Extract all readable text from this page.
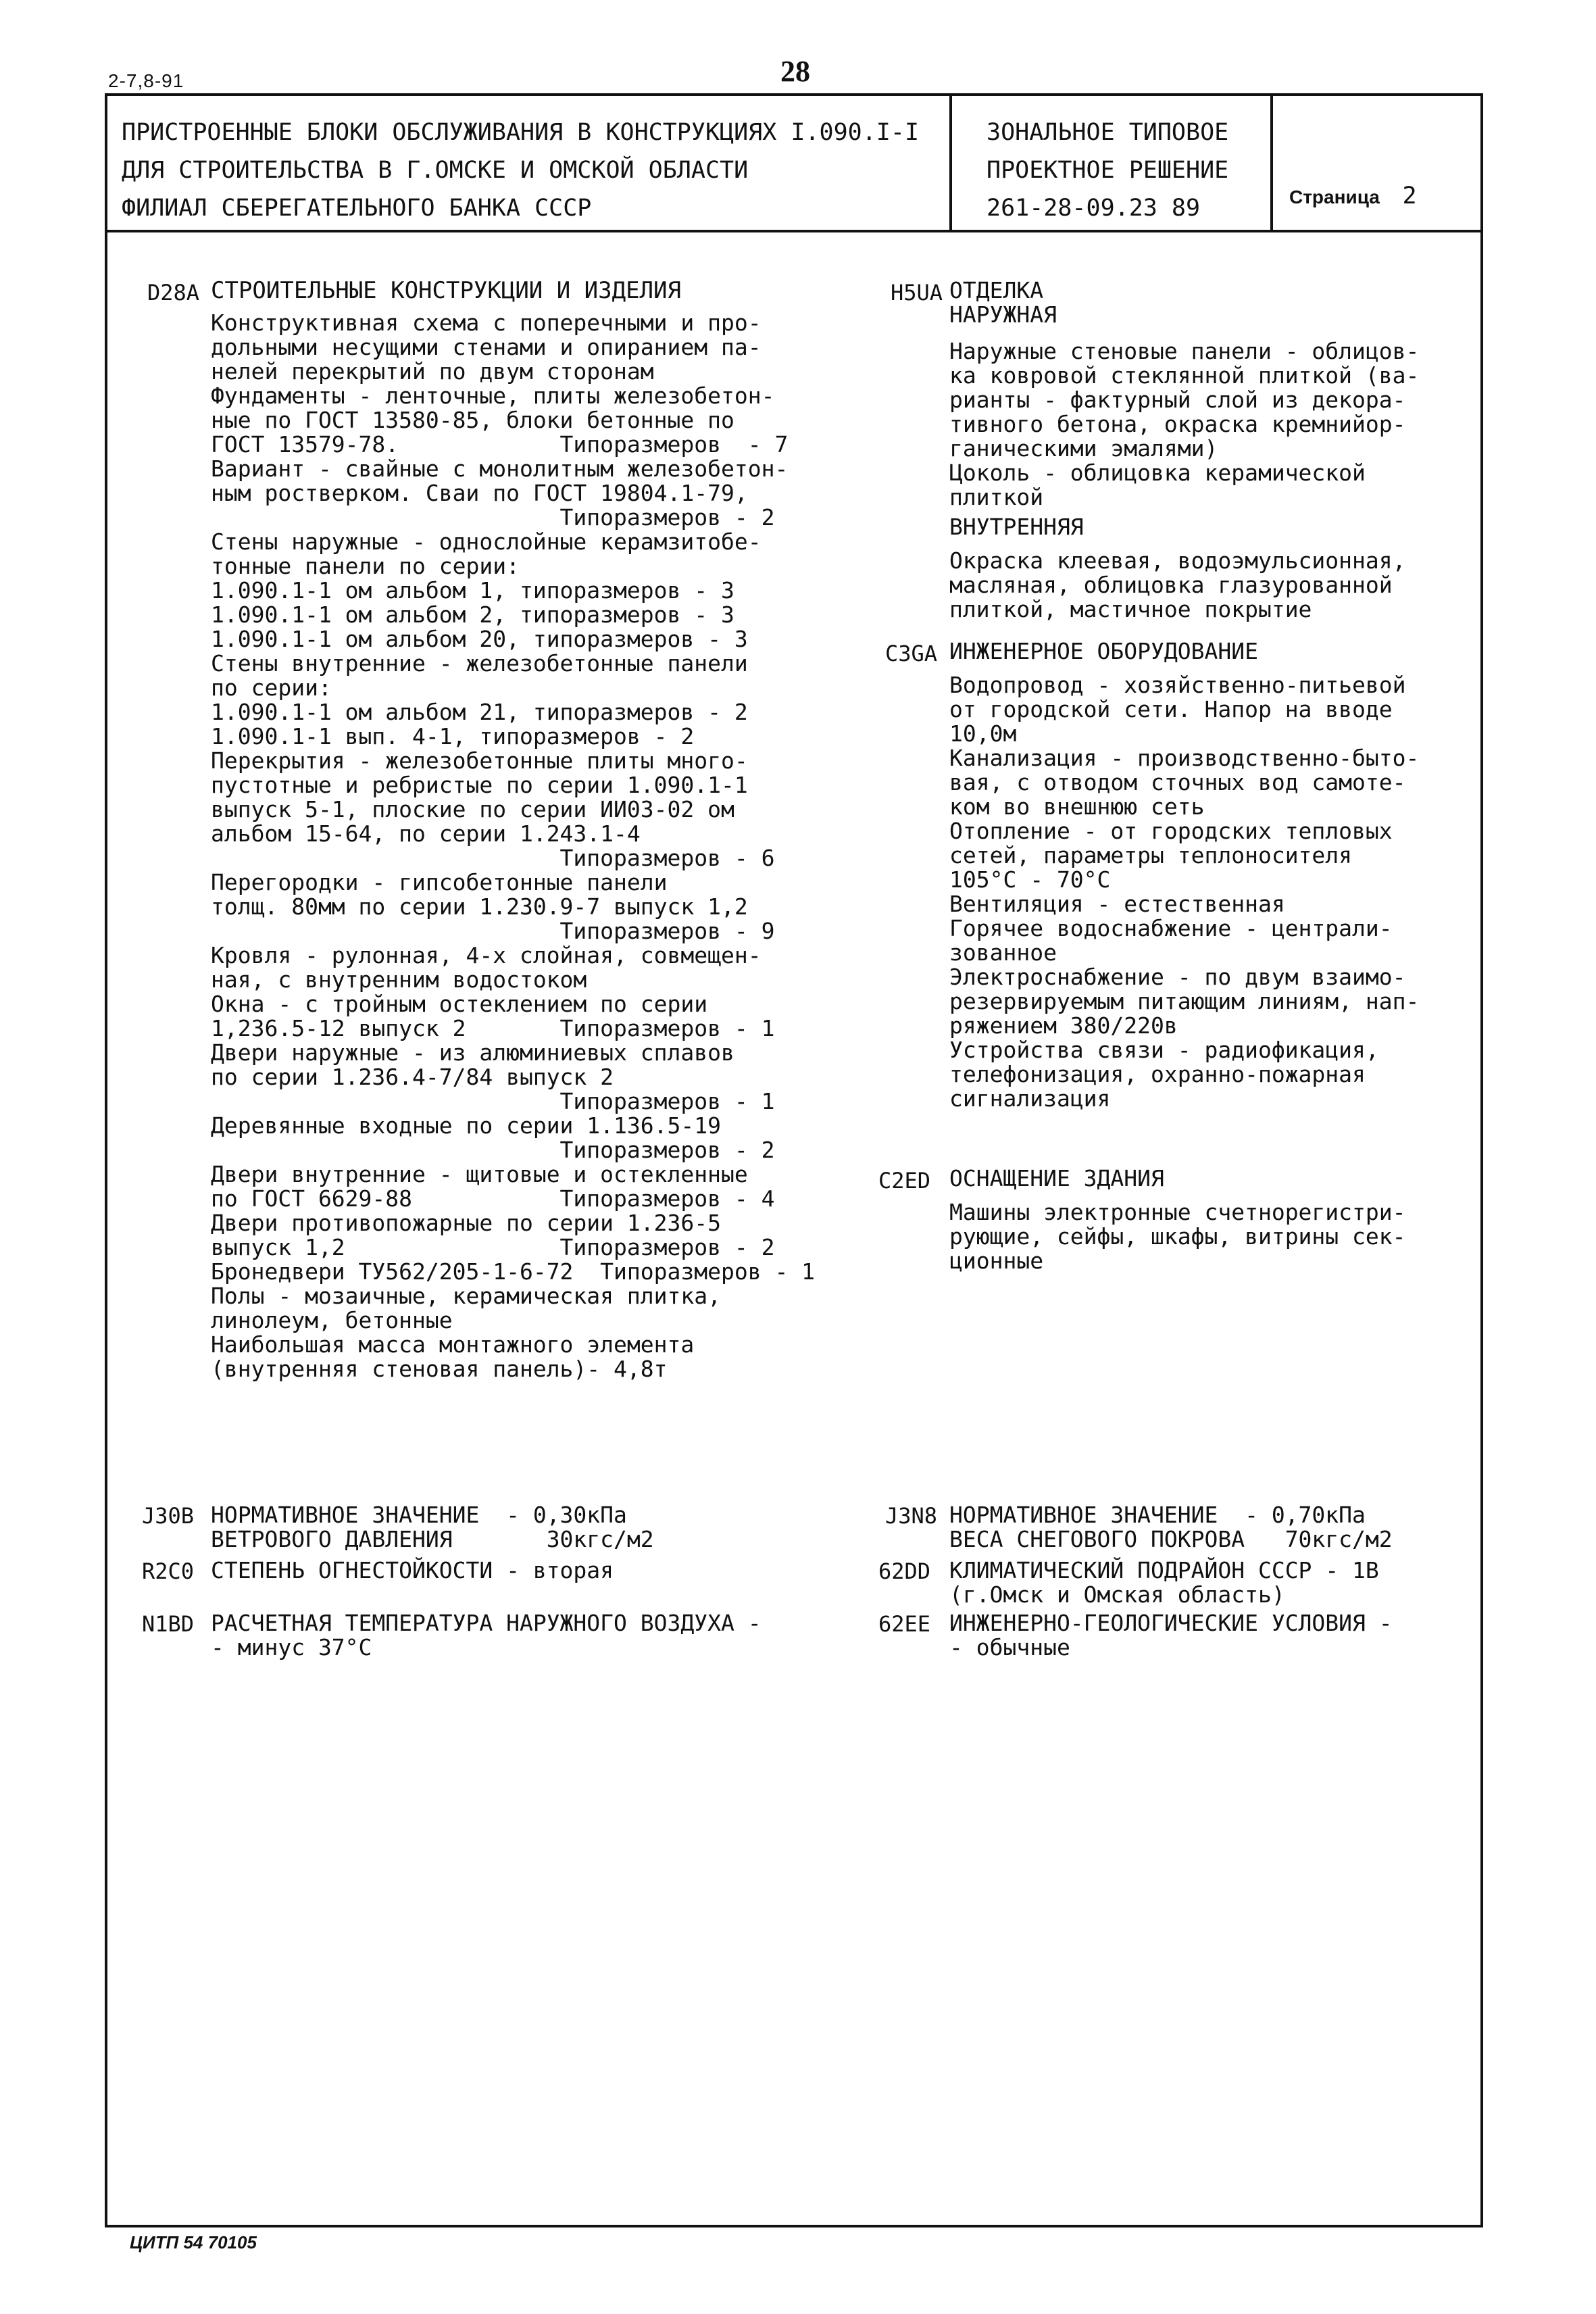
2-7,8-91	28
ПРИСТРОЕННЫЕ БЛОКИ ОБСЛУЖИВАНИЯ В КОНСТРУКЦИЯХ I.090.I-I
ДЛЯ СТРОИТЕЛЬСТВА В Г.ОМСКЕ И ОМСКОЙ ОБЛАСТИ
ФИЛИАЛ СБЕРЕГАТЕЛЬНОГО БАНКА СССР
ЗОНАЛЬНОЕ ТИПОВОЕ
ПРОЕКТНОЕ РЕШЕНИЕ
261-28-09.23 89	Страница 2
D28A СТРОИТЕЛЬНЫЕ КОНСТРУКЦИИ И ИЗДЕЛИЯ
Конструктивная схема с поперечными и про-
дольными несущими стенами и опиранием па-
нелей перекрытий по двум сторонам
Фундаменты - ленточные, плиты железобетон-
ные по ГОСТ 13580-85, блоки бетонные по
ГОСТ 13579-78.            Типоразмеров  - 7
Вариант - свайные с монолитным железобетон-
ным ростверком. Сваи по ГОСТ 19804.1-79,
Типоразмеров - 2
Стены наружные - однослойные керамзитобе-
тонные панели по серии:
1.090.1-1 ом альбом 1, типоразмеров - 3
1.090.1-1 ом альбом 2, типоразмеров - 3
1.090.1-1 ом альбом 20, типоразмеров - 3
Стены внутренние - железобетонные панели
по серии:
1.090.1-1 ом альбом 21, типоразмеров - 2
1.090.1-1 вып. 4-1, типоразмеров - 2
Перекрытия - железобетонные плиты много-
пустотные и ребристые по серии 1.090.1-1
выпуск 5-1, плоские по серии ИИ03-02 ом
альбом 15-64, по серии 1.243.1-4
Типоразмеров - 6
Перегородки - гипсобетонные панели
толщ. 80мм по серии 1.230.9-7 выпуск 1,2
Типоразмеров - 9
Кровля - рулонная, 4-х слойная, совмещен-
ная, с внутренним водостоком
Окна - с тройным остеклением по серии
1,236.5-12 выпуск 2       Типоразмеров - 1
Двери наружные - из алюминиевых сплавов
по серии 1.236.4-7/84 выпуск 2
Типоразмеров - 1
Деревянные входные по серии 1.136.5-19
Типоразмеров - 2
Двери внутренние - щитовые и остекленные
по ГОСТ 6629-88           Типоразмеров - 4
Двери противопожарные по серии 1.236-5
выпуск 1,2                Типоразмеров - 2
Бронедвери ТУ562/205-1-6-72  Типоразмеров - 1
Полы - мозаичные, керамическая плитка,
линолеум, бетонные
Наибольшая масса монтажного элемента
(внутренняя стеновая панель)- 4,8т
J30B НОРМАТИВНОЕ ЗНАЧЕНИЕ  - 0,30кПа
ВЕТРОВОГО ДАВЛЕНИЯ       30кгс/м2
R2C0 СТЕПЕНЬ ОГНЕСТОЙКОСТИ - вторая
N1BD РАСЧЕТНАЯ ТЕМПЕРАТУРА НАРУЖНОГО ВОЗДУХА -
- минус 37°С
H5UA ОТДЕЛКА
НАРУЖНАЯ
Наружные стеновые панели - облицов-
ка ковровой стеклянной плиткой (ва-
рианты - фактурный слой из декора-
тивного бетона, окраска кремнийор-
ганическими эмалями)
Цоколь - облицовка керамической
плиткой
ВНУТРЕННЯЯ
Окраска клеевая, водоэмульсионная,
масляная, облицовка глазурованной
плиткой, мастичное покрытие
C3GA ИНЖЕНЕРНОЕ ОБОРУДОВАНИЕ
Водопровод - хозяйственно-питьевой
от городской сети. Напор на вводе
10,0м
Канализация - производственно-быто-
вая, с отводом сточных вод самоте-
ком во внешнюю сеть
Отопление - от городских тепловых
сетей, параметры теплоносителя
105°С - 70°С
Вентиляция - естественная
Горячее водоснабжение - централи-
зованное
Электроснабжение - по двум взаимо-
резервируемым питающим линиям, нап-
ряжением 380/220в
Устройства связи - радиофикация,
телефонизация, охранно-пожарная
сигнализация
C2ED ОСНАЩЕНИЕ ЗДАНИЯ
Машины электронные счетнорегистри-
рующие, сейфы, шкафы, витрины сек-
ционные
J3N8 НОРМАТИВНОЕ ЗНАЧЕНИЕ  - 0,70кПа
ВЕСА СНЕГОВОГО ПОКРОВА   70кгс/м2
62DD КЛИМАТИЧЕСКИЙ ПОДРАЙОН СССР - 1В
(г.Омск и Омская область)
62EE ИНЖЕНЕРНО-ГЕОЛОГИЧЕСКИЕ УСЛОВИЯ -
- обычные
ЦИТП 54 70105
